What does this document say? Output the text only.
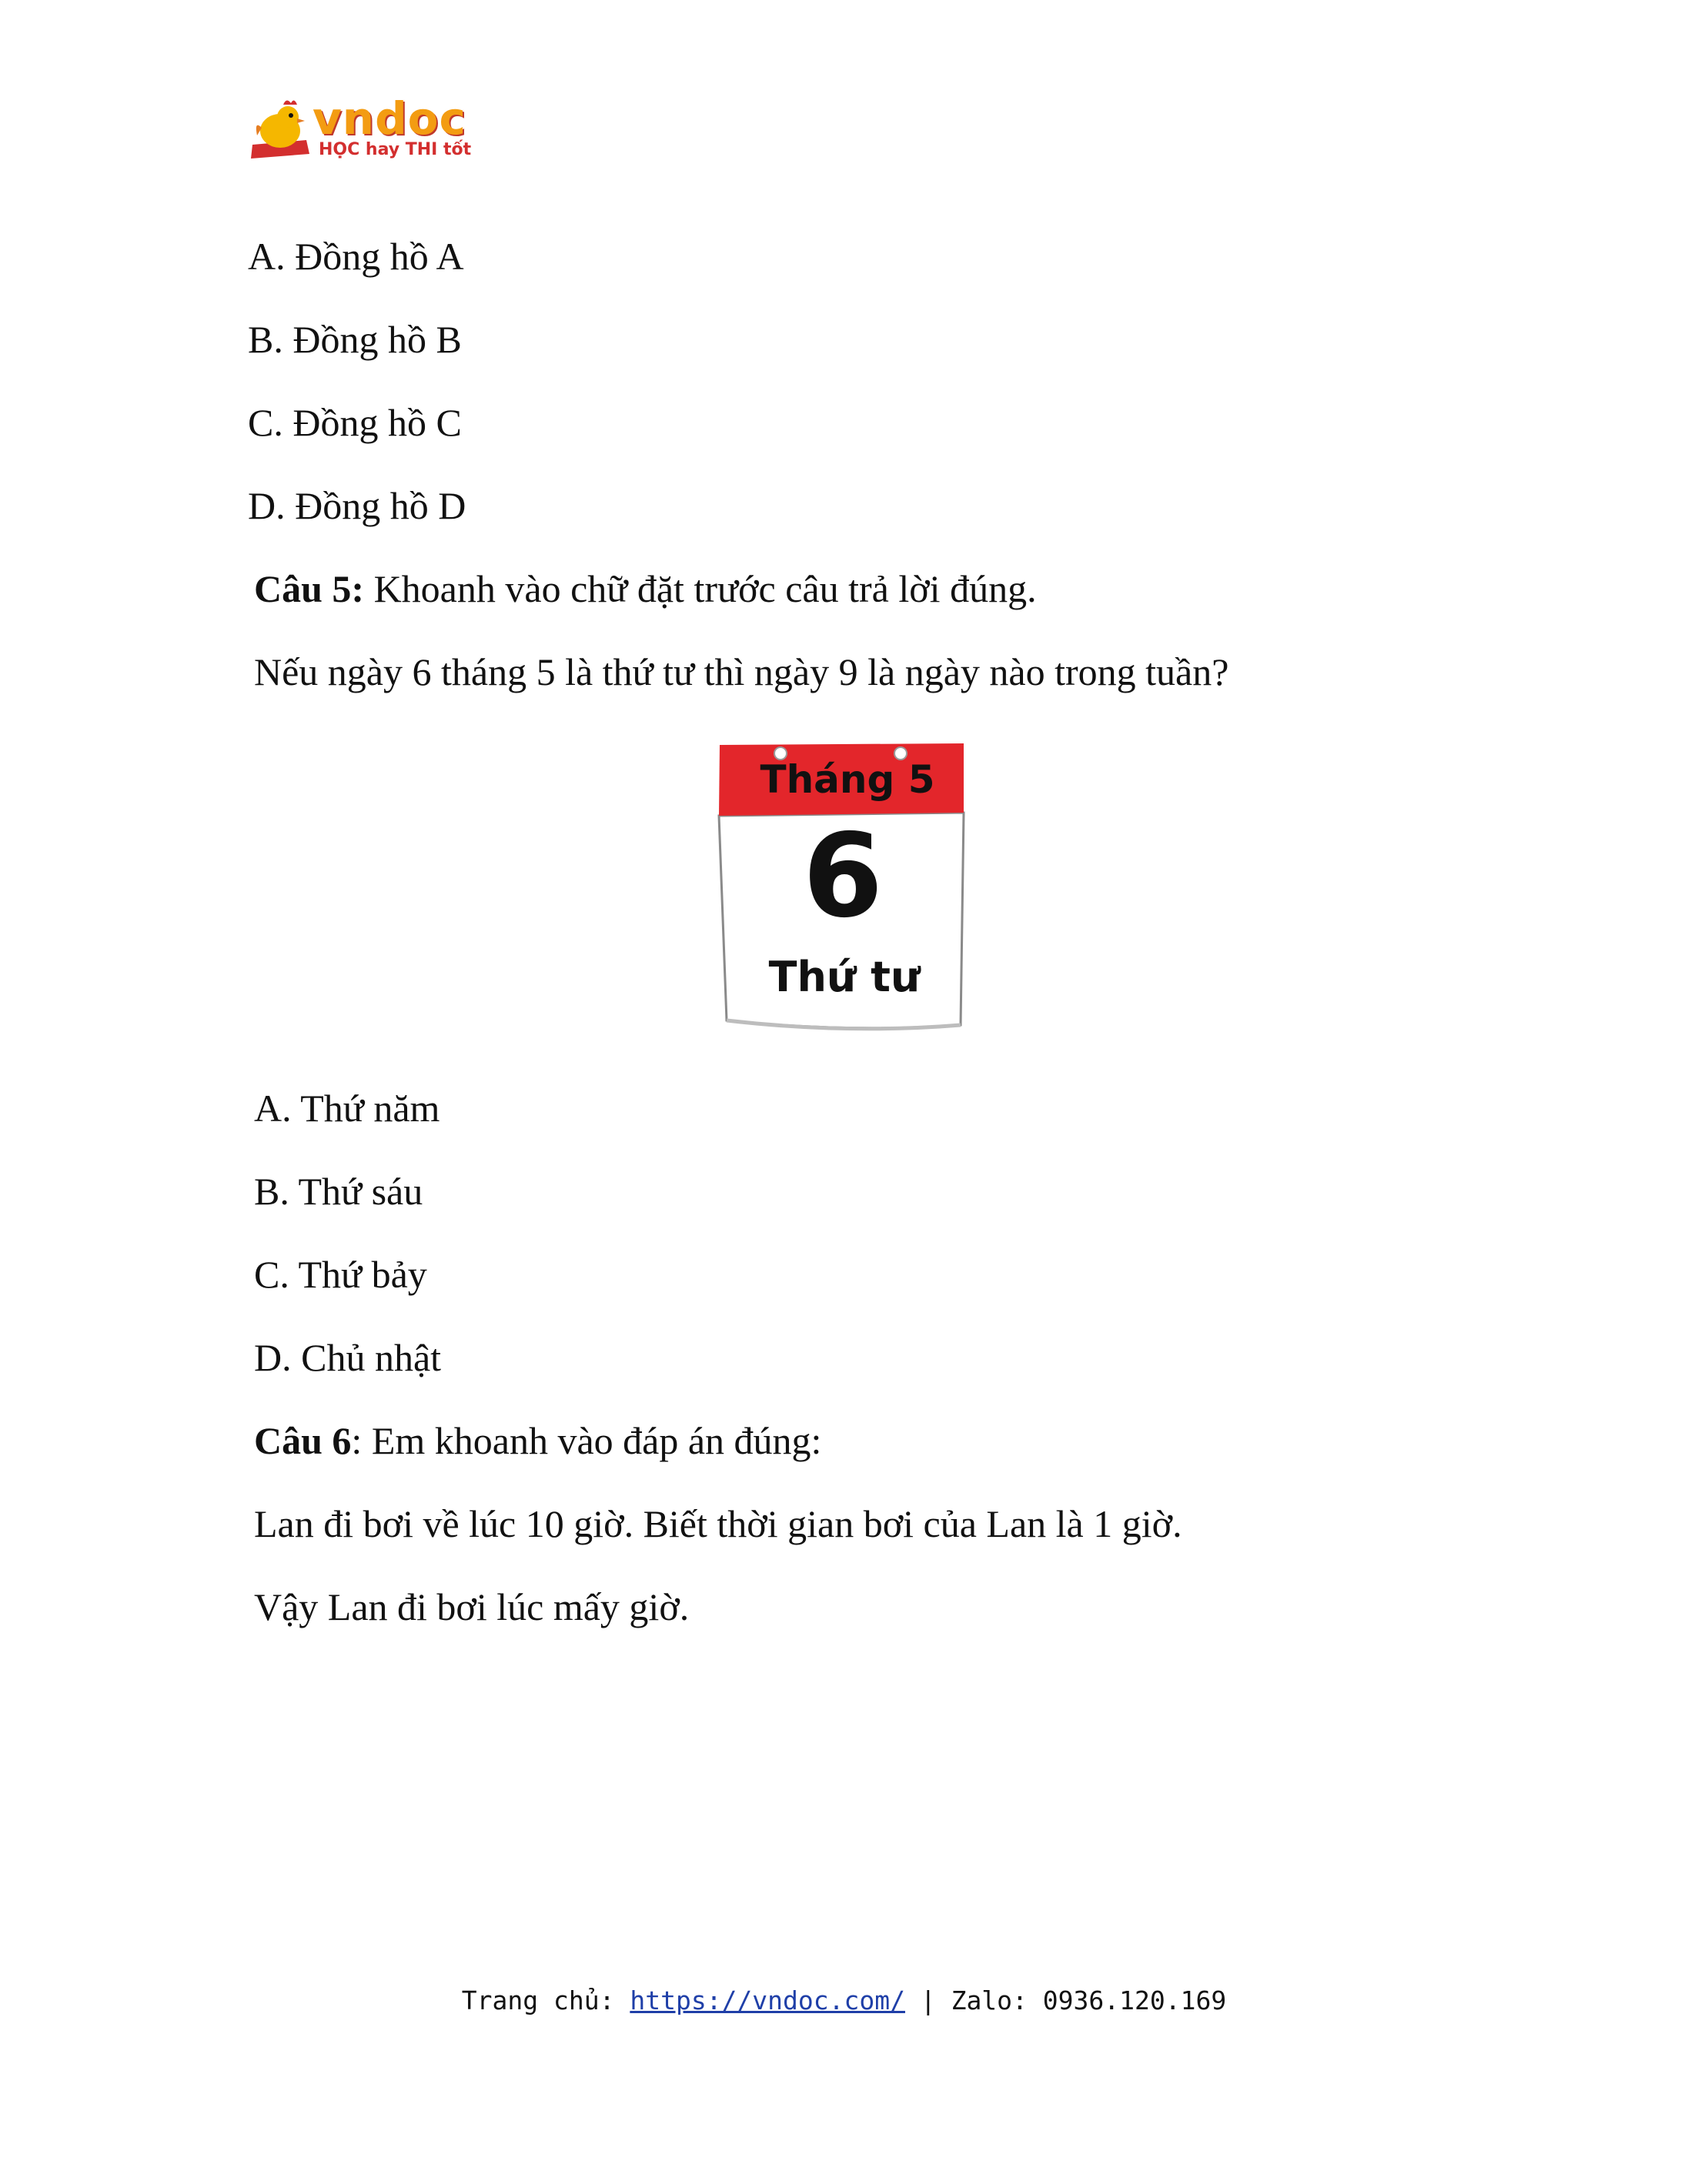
vndoc
HỌC hay THI tốt
A. Đồng hồ A
B. Đồng hồ B
C. Đồng hồ C
D. Đồng hồ D
Câu 5: Khoanh vào chữ đặt trước câu trả lời đúng.
Nếu ngày 6 tháng 5 là thứ tư thì ngày 9 là ngày nào trong tuần?
Tháng 5
6
Thứ tư
A. Thứ năm
B. Thứ sáu
C. Thứ bảy
D. Chủ nhật
Câu 6: Em khoanh vào đáp án đúng:
Lan đi bơi về lúc 10 giờ. Biết thời gian bơi của Lan là 1 giờ.
Vậy Lan đi bơi lúc mấy giờ.
Trang chủ: https://vndoc.com/ | Zalo: 0936.120.169
